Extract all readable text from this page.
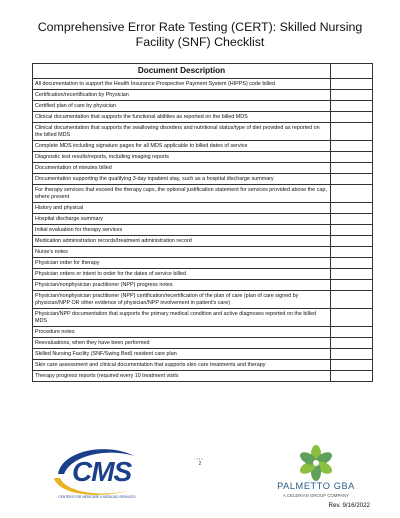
Comprehensive Error Rate Testing (CERT): Skilled Nursing Facility (SNF) Checklist
Document Description	
All documentation to support the Health Insurance Prospective Payment System (HIPPS) code billed	
Certification/recertification by Physician	
Certified plan of care by physician	
Clinical documentation that supports the functional abilities as reported on the billed MDS	
Clinical documentation that supports the swallowing disorders and nutritional status/type of diet provided as reported on the billed MDS	
Complete MDS including signature pages for all MDS applicable to billed dates of service	
Diagnostic test results/reports, including imaging reports	
Documentation of minutes billed	
Documentation supporting the qualifying 3-day inpatient stay, such as a hospital discharge summary	
For therapy services that exceed the therapy caps, the optional justification statement for services provided above the cap, where present	
History and physical	
Hospital discharge summary	
Initial evaluation for therapy services	
Medication administration records/treatment administration record	
Nurse's notes	
Physician order for therapy	
Physician orders or intent to order for the dates of service billed	
Physician/nonphysician practitioner (NPP) progress notes	
Physician/nonphysician practitioner (NPP) certification/recertification of the plan of care (plan of care signed by physician/NPP OR other evidence of physician/NPP involvement in patient's care)	
Physician/NPP documentation that supports the primary medical condition and active diagnoses reported on the billed MDS	
Procedure notes	
Reevaluations, when they have been performed	
Skilled Nursing Facility (SNF/Swing Bed) resident care plan	
Skin care assessment and clinical documentation that supports skin care treatments and therapy	
Therapy progress reports (required every 10 treatment visits	
CMS
CENTERS FOR MEDICARE & MEDICAID SERVICES
•••
2
PALMETTO GBA
A CELERIAN GROUP COMPANY
Rev. 9/16/2022
